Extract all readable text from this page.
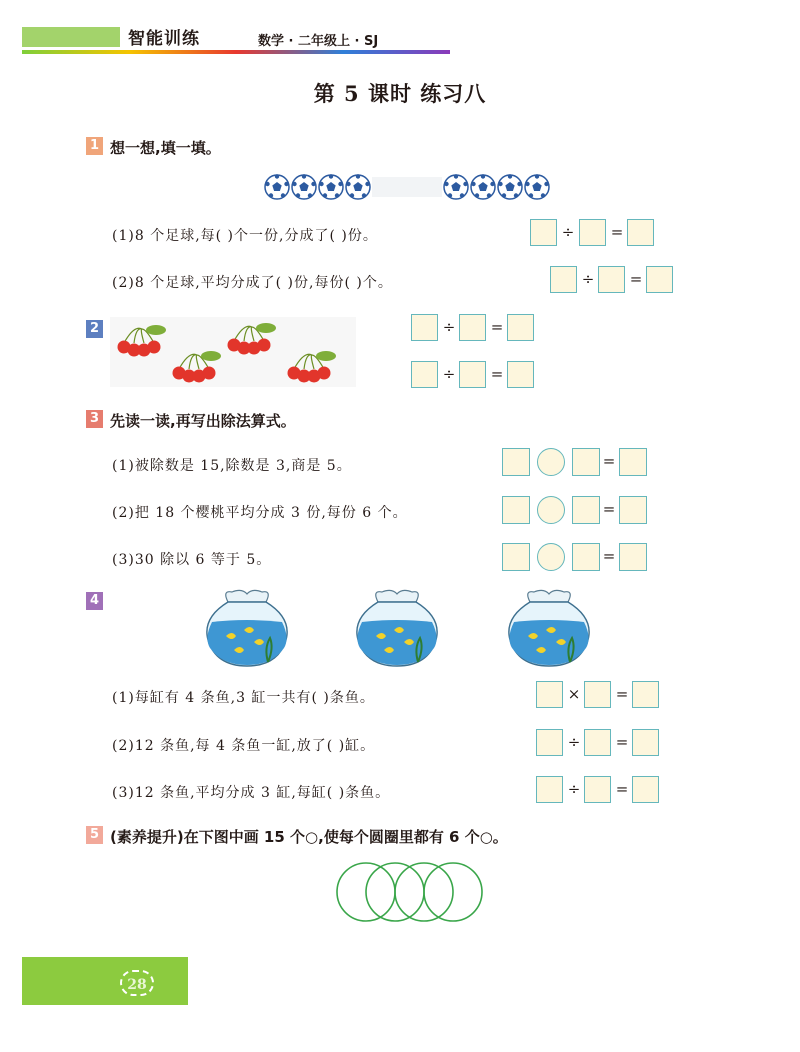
智能训练	数学 · 二年级上 · SJ
第 5 课时 练习八
1 想一想,填一填。
(1)8 个足球,每( )个一份,分成了( )份。	÷ =
(2)8 个足球,平均分成了( )份,每份( )个。	÷ =
2	÷ =
÷ =
3 先读一读,再写出除法算式。
(1)被除数是 15,除数是 3,商是 5。	=
(2)把 18 个樱桃平均分成 3 份,每份 6 个。	=
(3)30 除以 6 等于 5。	=
4
(1)每缸有 4 条鱼,3 缸一共有( )条鱼。	× =
(2)12 条鱼,每 4 条鱼一缸,放了( )缸。	÷ =
(3)12 条鱼,平均分成 3 缸,每缸( )条鱼。	÷ =
5 (素养提升)在下图中画 15 个○,使每个圆圈里都有 6 个○。
28
